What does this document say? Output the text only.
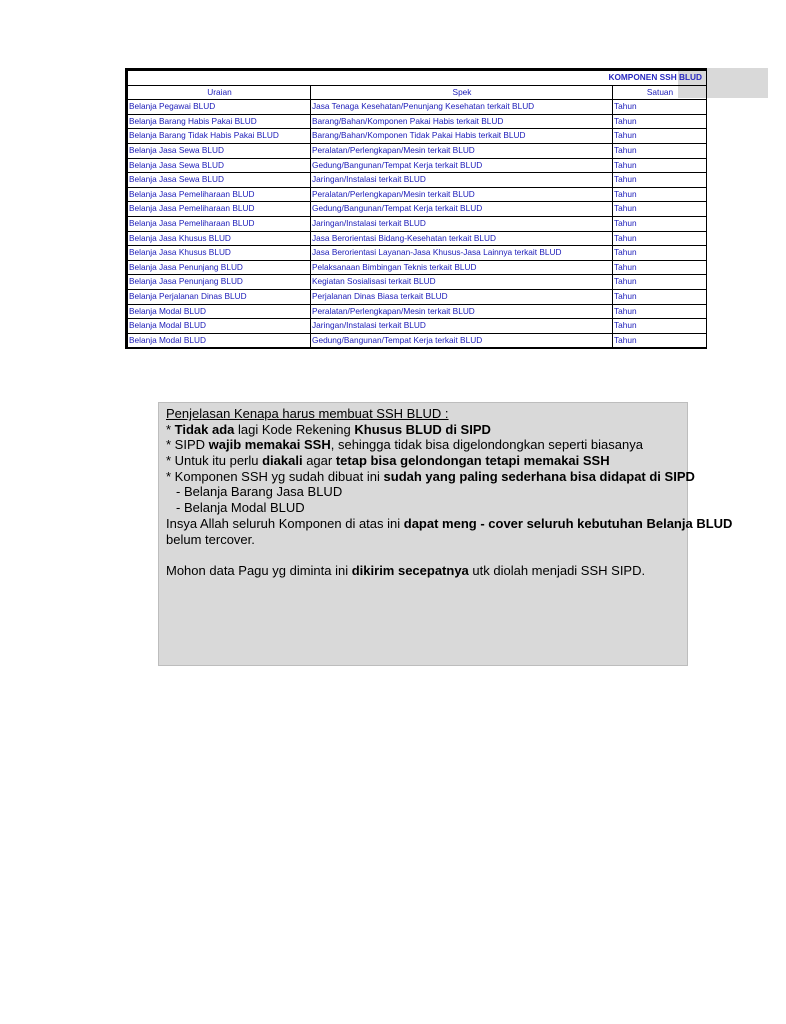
KOMPONEN SSH BLUD		
Uraian	Spek	Satuan
Belanja Pegawai BLUD	Jasa Tenaga Kesehatan/Penunjang Kesehatan terkait BLUD	Tahun
Belanja Barang Habis Pakai BLUD	Barang/Bahan/Komponen Pakai Habis terkait BLUD	Tahun
Belanja Barang Tidak Habis Pakai BLUD	Barang/Bahan/Komponen Tidak Pakai Habis terkait BLUD	Tahun
Belanja Jasa Sewa BLUD	Peralatan/Perlengkapan/Mesin terkait BLUD	Tahun
Belanja Jasa Sewa BLUD	Gedung/Bangunan/Tempat Kerja terkait BLUD	Tahun
Belanja Jasa Sewa BLUD	Jaringan/Instalasi terkait BLUD	Tahun
Belanja Jasa Pemeliharaan BLUD	Peralatan/Perlengkapan/Mesin terkait BLUD	Tahun
Belanja Jasa Pemeliharaan BLUD	Gedung/Bangunan/Tempat Kerja terkait BLUD	Tahun
Belanja Jasa Pemeliharaan BLUD	Jaringan/Instalasi terkait BLUD	Tahun
Belanja Jasa Khusus BLUD	Jasa Berorientasi Bidang-Kesehatan terkait BLUD	Tahun
Belanja Jasa Khusus BLUD	Jasa Berorientasi Layanan-Jasa Khusus-Jasa Lainnya terkait BLUD	Tahun
Belanja Jasa Penunjang BLUD	Pelaksanaan Bimbingan Teknis terkait BLUD	Tahun
Belanja Jasa Penunjang BLUD	Kegiatan Sosialisasi terkait BLUD	Tahun
Belanja Perjalanan Dinas BLUD	Perjalanan Dinas Biasa terkait BLUD	Tahun
Belanja Modal BLUD	Peralatan/Perlengkapan/Mesin terkait BLUD	Tahun
Belanja Modal BLUD	Jaringan/Instalasi terkait BLUD	Tahun
Belanja Modal BLUD	Gedung/Bangunan/Tempat Kerja terkait BLUD	Tahun
Penjelasan Kenapa harus membuat SSH BLUD :
* Tidak ada lagi Kode Rekening Khusus BLUD di SIPD
* SIPD wajib memakai SSH, sehingga tidak bisa digelondongkan seperti biasanya
* Untuk itu perlu diakali agar tetap bisa gelondongan tetapi memakai SSH
* Komponen SSH yg sudah dibuat ini sudah yang paling sederhana bisa didapat di SIPD
- Belanja Barang Jasa BLUD
- Belanja Modal BLUD
Insya Allah seluruh Komponen di atas ini dapat meng - cover seluruh kebutuhan Belanja BLUD
belum tercover.
Mohon data Pagu yg diminta ini dikirim secepatnya utk diolah menjadi SSH SIPD.
